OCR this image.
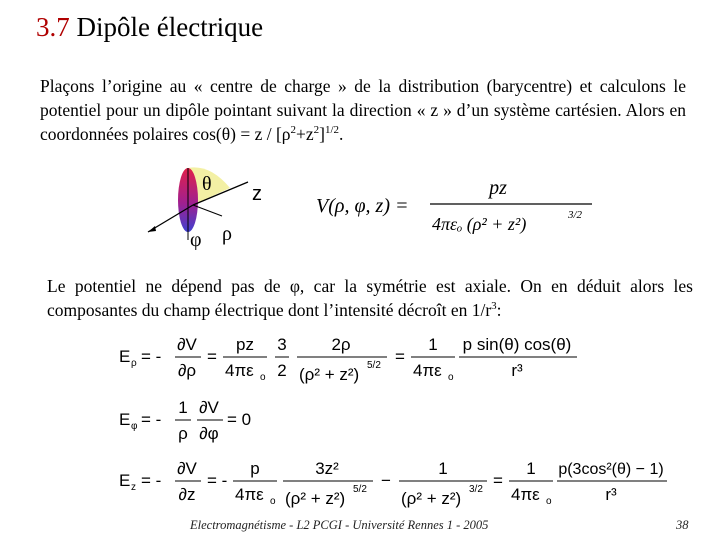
3.7 Dipôle électrique

Plaçons l’origine au « centre de charge » de la distribution (barycentre) et calculons le potentiel pour un dipôle pointant suivant la direction « z » d’un système cartésien. Alors en coordonnées polaires $\cos(\theta) = z / [\rho^2+z^2]^{1/2}$.

θ z
φ ρ
V(ρ, φ, z) =
pz
4πεₒ (ρ² + z²)	3/2

Le potentiel ne dépend pas de φ, car la symétrie est axiale. On en déduit alors les composantes du champ électrique dont l’intensité décroît en $1/r^3$:

E ρ = -
∂V
∂ρ
=
pz
4πε o
3
2
2ρ
(ρ² + z²) 5/2 =
1
4πε o
p sin(θ) cos(θ)
r³
E φ = -
1
ρ
∂V
∂φ
= 0
E z = -
∂V
∂z
= -
p
4πε o
3z²
(ρ² + z²) 5/2 −
1
(ρ² + z²) 3/2 =
1
4πε o
p(3cos²(θ) − 1)
r³
Electromagnétisme - L2 PCGI - Université Rennes 1 - 2005	38
